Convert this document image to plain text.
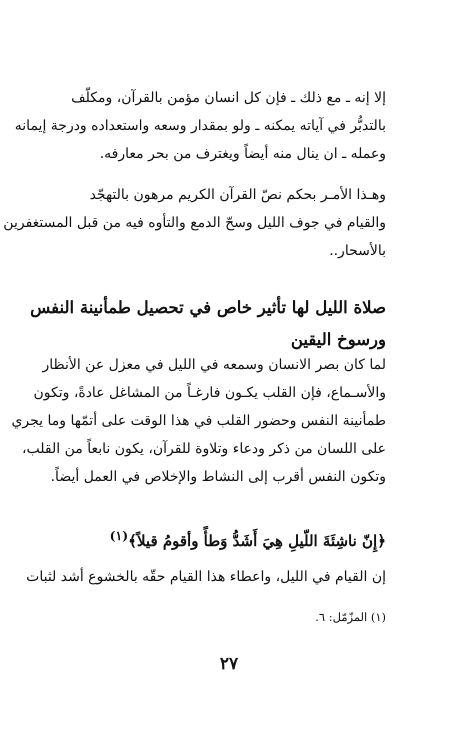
إلا إنه ـ مع ذلك ـ فإن كل انسان مؤمن بالقرآن، ومكلّف
بالتدبُّر في آياته يمكنه ـ ولو بمقدار وسعه واستعداده ودرجة إيمانه
وعمله ـ ان ينال منه أيضاً ويغترف من بحر معارفه.
وهـذا الأمـر بحكم نصّ القرآن الكريم مرهون بالتهجّد
والقيام في جوف الليل وسحّ الدمع والتأوه فيه من قبل المستغفرين
بالأسحار..
صلاة الليل لها تأثير خاص في تحصيل طمأنينة النفس
ورسوخ اليقين
لما كان بصر الانسان وسمعه في الليل في معزل عن الأنظار
والأسـماع، فإن القلب يكـون فارغـاً من المشاغل عادةً، وتكون
طمأنينة النفس وحضور القلب في هذا الوقت على أتمّها وما يجري
على اللسان من ذكر ودعاء وتلاوة للقرآن، يكون نابعاً من القلب،
وتكون النفس أقرب إلى النشاط والإخلاص في العمل أيضاً.
﴿إِنّ ناشِئَةَ اللّيلِ هِيَ أَشَدُّ وَطأً وأقومُ قيلاً﴾$^{(١)}$
إن القيام في الليل، واعطاء هذا القيام حقّه بالخشوع أشد لثبات
(١) المزّمّل: ٦.
٢٧
